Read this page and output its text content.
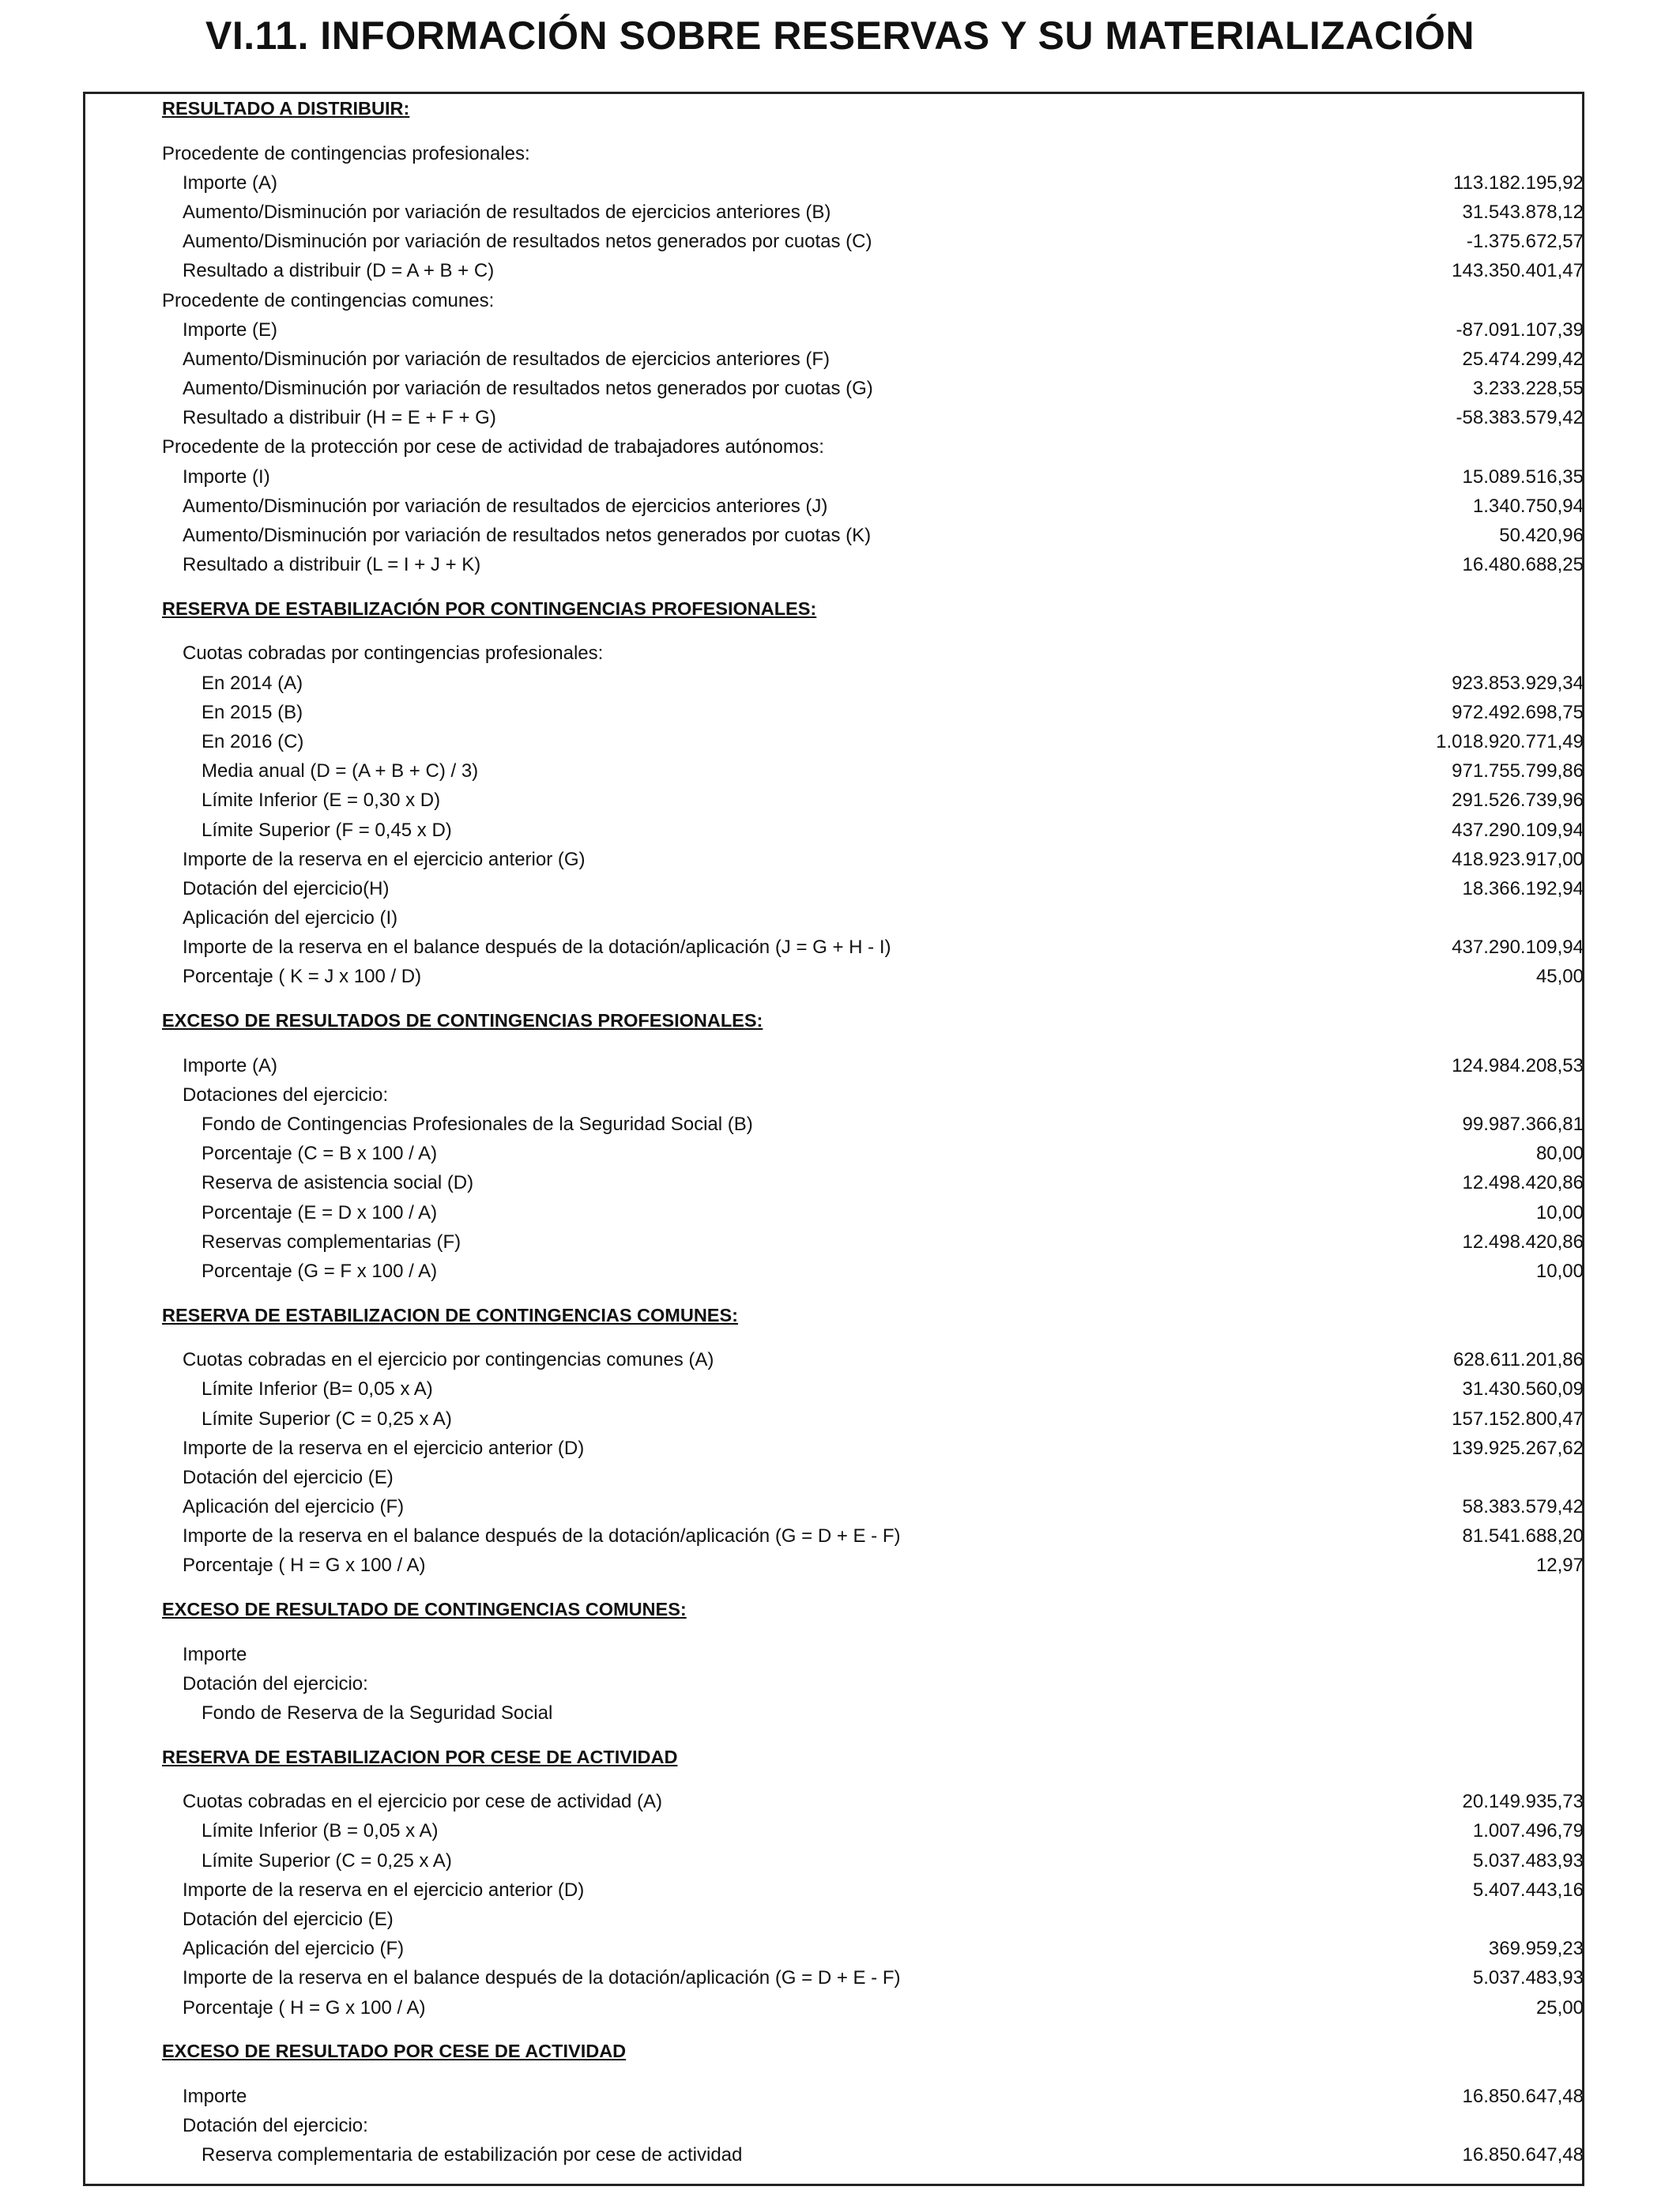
VI.11. INFORMACIÓN SOBRE RESERVAS Y SU MATERIALIZACIÓN
RESULTADO A DISTRIBUIR:
Procedente de contingencias profesionales:
Importe (A)	113.182.195,92
Aumento/Disminución por variación de resultados de ejercicios anteriores (B)	31.543.878,12
Aumento/Disminución por variación de resultados netos generados por cuotas (C)	-1.375.672,57
Resultado a distribuir (D = A + B + C)	143.350.401,47
Procedente de contingencias comunes:
Importe (E)	-87.091.107,39
Aumento/Disminución por variación de resultados de ejercicios anteriores (F)	25.474.299,42
Aumento/Disminución por variación de resultados netos generados por cuotas (G)	3.233.228,55
Resultado a distribuir (H = E + F + G)	-58.383.579,42
Procedente de la protección por cese de actividad de trabajadores autónomos:
Importe (I)	15.089.516,35
Aumento/Disminución por variación de resultados de ejercicios anteriores (J)	1.340.750,94
Aumento/Disminución por variación de resultados netos generados por cuotas (K)	50.420,96
Resultado a distribuir (L = I + J + K)	16.480.688,25
RESERVA DE ESTABILIZACIÓN POR CONTINGENCIAS PROFESIONALES:
Cuotas cobradas por contingencias profesionales:
En 2014 (A)	923.853.929,34
En 2015 (B)	972.492.698,75
En 2016 (C)	1.018.920.771,49
Media anual (D = (A + B + C) / 3)	971.755.799,86
Límite Inferior (E = 0,30 x D)	291.526.739,96
Límite Superior (F = 0,45 x D)	437.290.109,94
Importe de la reserva en el ejercicio anterior (G)	418.923.917,00
Dotación del ejercicio(H)	18.366.192,94
Aplicación del ejercicio (I)
Importe de la reserva en el balance después de la dotación/aplicación (J = G + H - I)	437.290.109,94
Porcentaje ( K = J x 100 / D)	45,00
EXCESO DE RESULTADOS DE CONTINGENCIAS PROFESIONALES:
Importe (A)	124.984.208,53
Dotaciones del ejercicio:
Fondo de Contingencias Profesionales de la Seguridad Social (B)	99.987.366,81
Porcentaje (C = B x 100 / A)	80,00
Reserva de asistencia social (D)	12.498.420,86
Porcentaje (E = D x 100 / A)	10,00
Reservas complementarias (F)	12.498.420,86
Porcentaje (G = F x 100 / A)	10,00
RESERVA DE ESTABILIZACION DE CONTINGENCIAS COMUNES:
Cuotas cobradas en el ejercicio por contingencias comunes (A)	628.611.201,86
Límite Inferior (B= 0,05 x A)	31.430.560,09
Límite Superior (C = 0,25 x A)	157.152.800,47
Importe de la reserva en el ejercicio anterior (D)	139.925.267,62
Dotación del ejercicio (E)
Aplicación del ejercicio (F)	58.383.579,42
Importe de la reserva en el balance después de la dotación/aplicación (G = D + E - F)	81.541.688,20
Porcentaje ( H = G x 100 / A)	12,97
EXCESO DE RESULTADO DE CONTINGENCIAS COMUNES:
Importe
Dotación del ejercicio:
Fondo de Reserva de la Seguridad Social
RESERVA DE ESTABILIZACION POR CESE DE ACTIVIDAD
Cuotas cobradas en el ejercicio por cese de actividad (A)	20.149.935,73
Límite Inferior (B = 0,05 x A)	1.007.496,79
Límite Superior (C = 0,25 x A)	5.037.483,93
Importe de la reserva en el ejercicio anterior (D)	5.407.443,16
Dotación del ejercicio (E)
Aplicación del ejercicio (F)	369.959,23
Importe de la reserva en el balance después de la dotación/aplicación (G = D + E - F)	5.037.483,93
Porcentaje ( H = G x 100 / A)	25,00
EXCESO DE RESULTADO POR CESE DE ACTIVIDAD
Importe	16.850.647,48
Dotación del ejercicio:
Reserva complementaria de estabilización por cese de actividad	16.850.647,48
